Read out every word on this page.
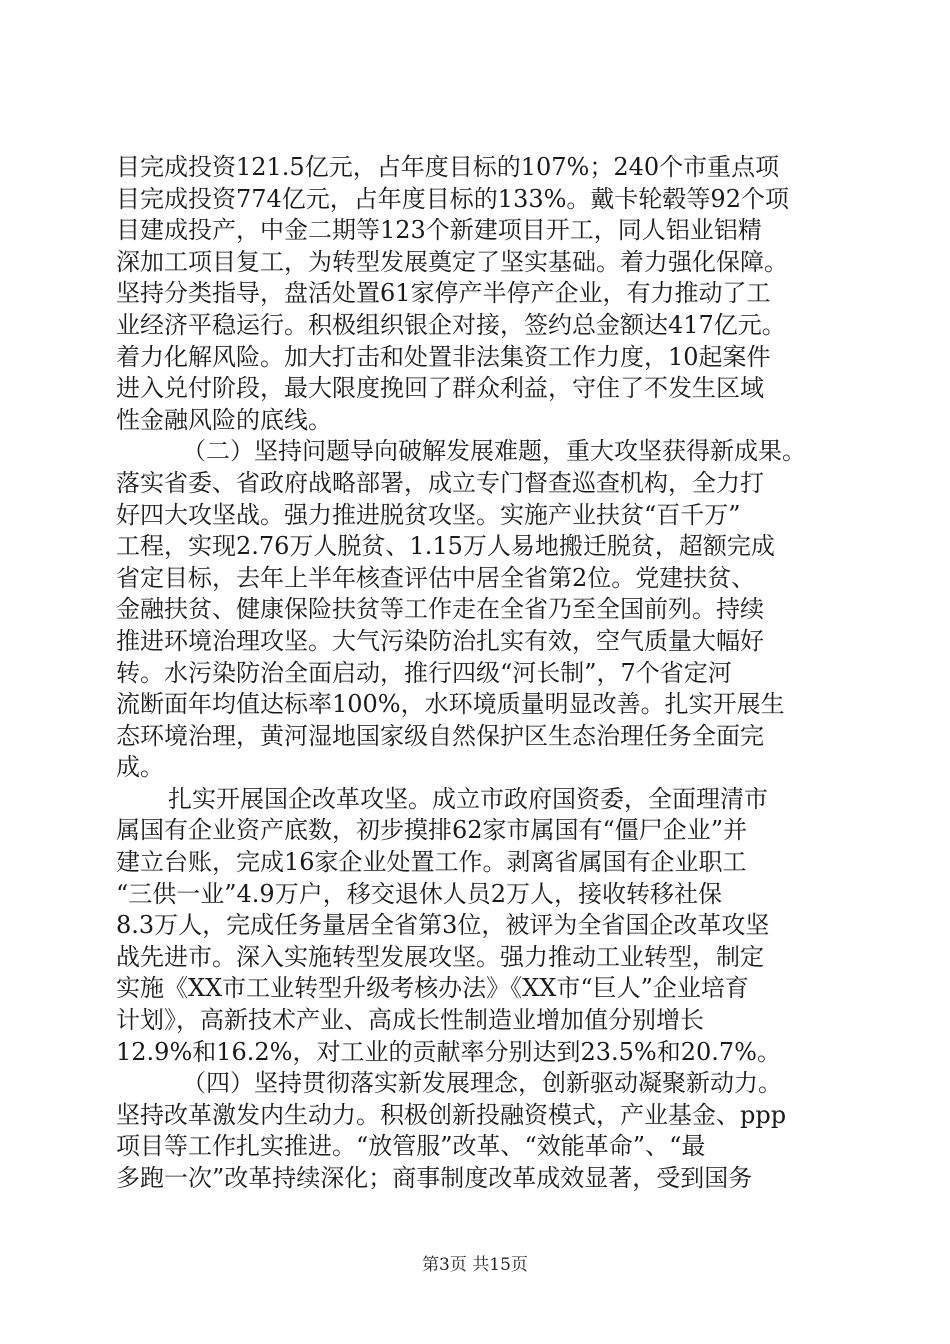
目完成投资121.5亿元，占年度目标的107%；240个市重点项
目完成投资774亿元，占年度目标的133%。戴卡轮毂等92个项
目建成投产，中金二期等123个新建项目开工，同人铝业铝精
深加工项目复工，为转型发展奠定了坚实基础。着力强化保障。
坚持分类指导，盘活处置61家停产半停产企业，有力推动了工
业经济平稳运行。积极组织银企对接，签约总金额达417亿元。
着力化解风险。加大打击和处置非法集资工作力度，10起案件
进入兑付阶段，最大限度挽回了群众利益，守住了不发生区域
性金融风险的底线。
（二）坚持问题导向破解发展难题，重大攻坚获得新成果。
落实省委、省政府战略部署，成立专门督查巡查机构，全力打
好四大攻坚战。强力推进脱贫攻坚。实施产业扶贫“百千万”
工程，实现2.76万人脱贫、1.15万人易地搬迁脱贫，超额完成
省定目标，去年上半年核查评估中居全省第2位。党建扶贫、
金融扶贫、健康保险扶贫等工作走在全省乃至全国前列。持续
推进环境治理攻坚。大气污染防治扎实有效，空气质量大幅好
转。水污染防治全面启动，推行四级“河长制”，7个省定河
流断面年均值达标率100%，水环境质量明显改善。扎实开展生
态环境治理，黄河湿地国家级自然保护区生态治理任务全面完
成。
扎实开展国企改革攻坚。成立市政府国资委，全面理清市
属国有企业资产底数，初步摸排62家市属国有“僵尸企业”并
建立台账，完成16家企业处置工作。剥离省属国有企业职工
“三供一业”4.9万户，移交退休人员2万人，接收转移社保
8.3万人，完成任务量居全省第3位，被评为全省国企改革攻坚
战先进市。深入实施转型发展攻坚。强力推动工业转型，制定
实施《XX市工业转型升级考核办法》《XX市“巨人”企业培育
计划》，高新技术产业、高成长性制造业增加值分别增长
12.9%和16.2%，对工业的贡献率分别达到23.5%和20.7%。
（四）坚持贯彻落实新发展理念，创新驱动凝聚新动力。
坚持改革激发内生动力。积极创新投融资模式，产业基金、ppp
项目等工作扎实推进。“放管服”改革、“效能革命”、“最
多跑一次”改革持续深化；商事制度改革成效显著，受到国务
第3页 共15页
